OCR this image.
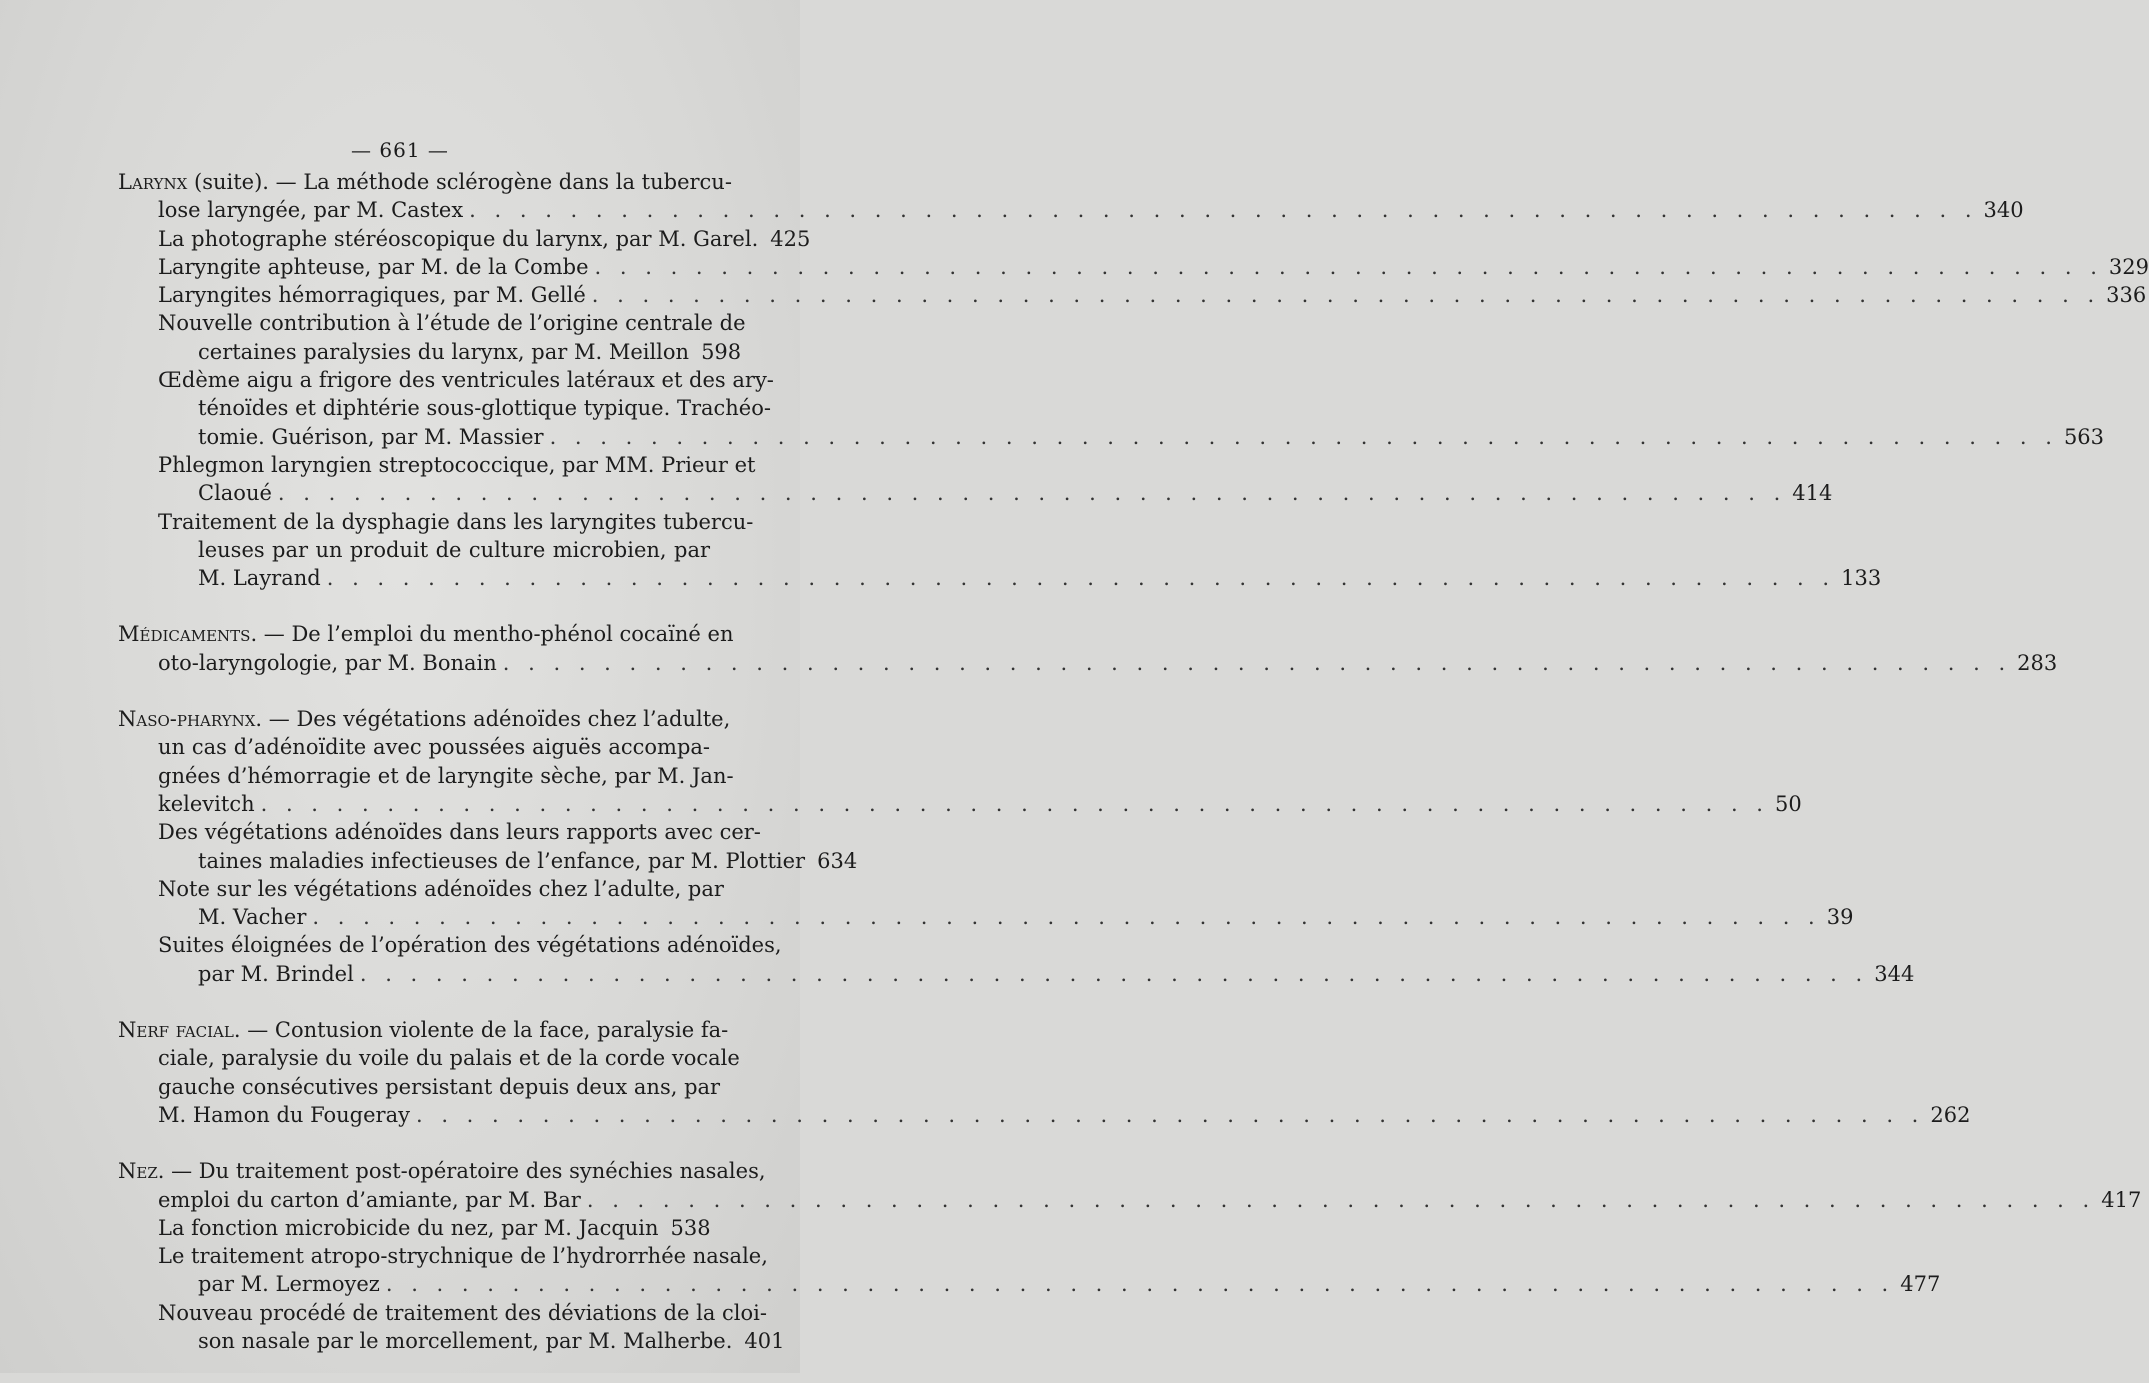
— 661 —
Larynx (suite). — La méthode sclérogène dans la tubercu-
lose laryngée, par M. Castex . . .	340
La photographe stéréoscopique du larynx, par M. Garel. 425
Laryngite aphteuse, par M. de la Combe . . .	329
Laryngites hémorragiques, par M. Gellé . . .	336
Nouvelle contribution à l’étude de l’origine centrale de
certaines paralysies du larynx, par M. Meillon 598
Œdème aigu a frigore des ventricules latéraux et des ary-
ténoïdes et diphtérie sous-glottique typique. Trachéo-
tomie. Guérison, par M. Massier . . .	563
Phlegmon laryngien streptococcique, par MM. Prieur et
Claoué . . .	414
Traitement de la dysphagie dans les laryngites tubercu-
leuses par un produit de culture microbien, par
M. Layrand . . .	133
Médicaments. — De l’emploi du mentho-phénol cocaïné en
oto-laryngologie, par M. Bonain . . .	283
Naso-pharynx. — Des végétations adénoïdes chez l’adulte,
un cas d’adénoïdite avec poussées aiguës accompa-
gnées d’hémorragie et de laryngite sèche, par M. Jan-
kelevitch . . .	50
Des végétations adénoïdes dans leurs rapports avec cer-
taines maladies infectieuses de l’enfance, par M. Plottier 634
Note sur les végétations adénoïdes chez l’adulte, par
M. Vacher . . .	39
Suites éloignées de l’opération des végétations adénoïdes,
par M. Brindel . . .	344
Nerf facial. — Contusion violente de la face, paralysie fa-
ciale, paralysie du voile du palais et de la corde vocale
gauche consécutives persistant depuis deux ans, par
M. Hamon du Fougeray . . .	262
Nez. — Du traitement post-opératoire des synéchies nasales,
emploi du carton d’amiante, par M. Bar . . .	417
La fonction microbicide du nez, par M. Jacquin 538
Le traitement atropo-strychnique de l’hydrorrhée nasale,
par M. Lermoyez . . .	477
Nouveau procédé de traitement des déviations de la cloi-
son nasale par le morcellement, par M. Malherbe. 401
